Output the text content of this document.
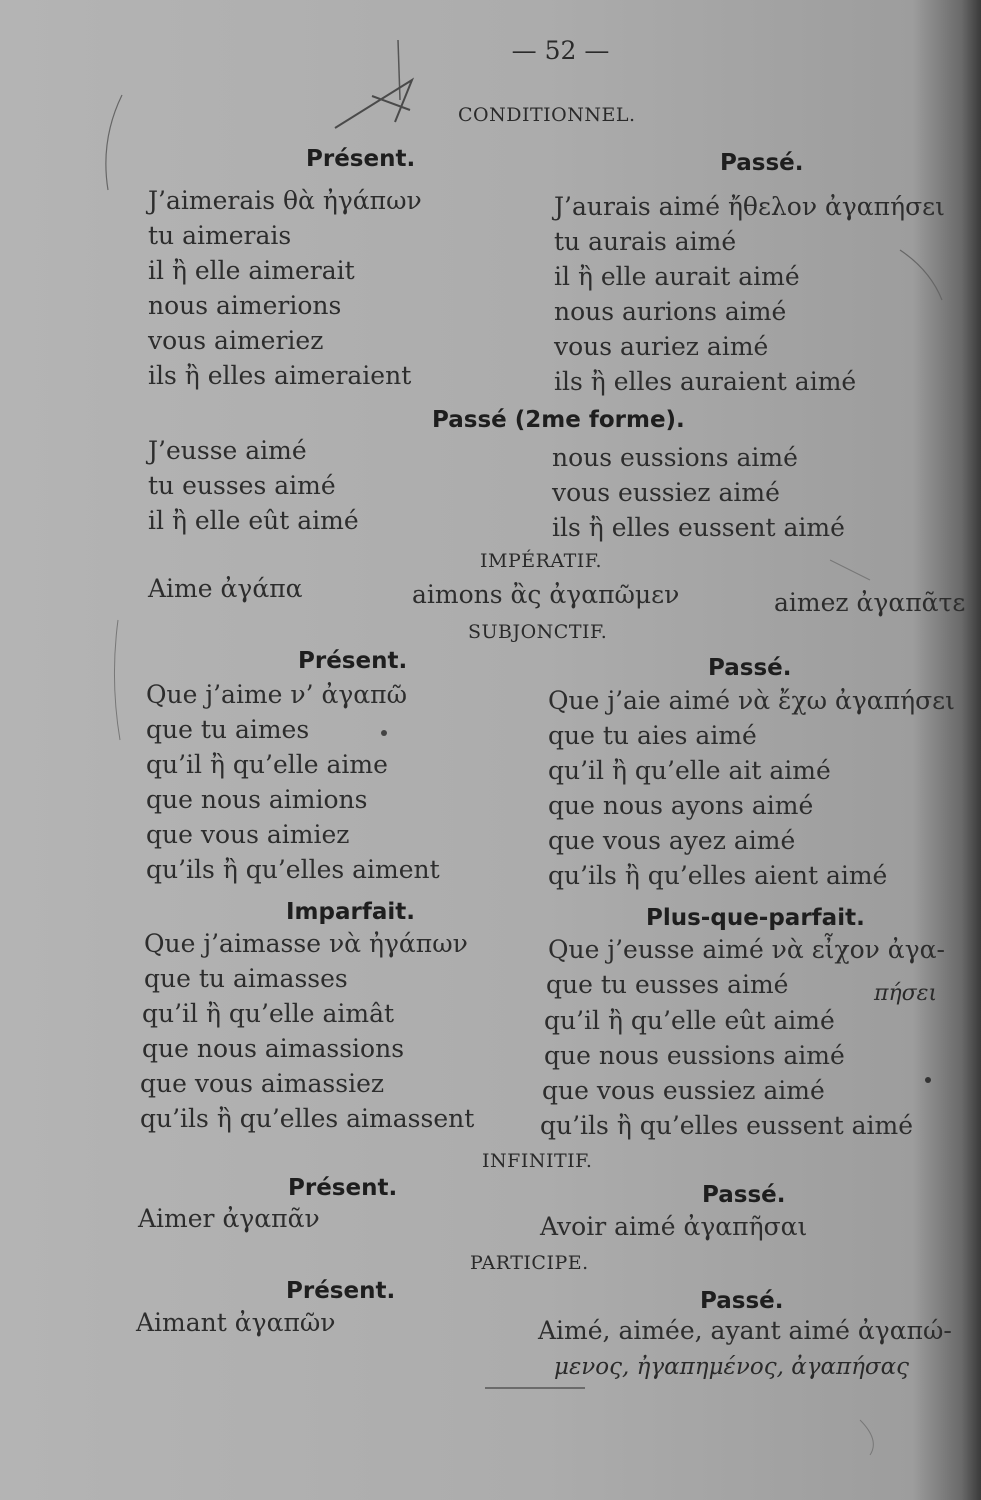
— 52 —
CONDITIONNEL.
Présent.	Passé.
J’aimerais θὰ ἠγάπων
tu aimerais
il ἢ elle aimerait
nous aimerions
vous aimeriez
ils ἢ elles aimeraient
J’aurais aimé ἤθελον ἀγαπήσει
tu aurais aimé
il ἢ elle aurait aimé
nous aurions aimé
vous auriez aimé
ils ἢ elles auraient aimé
Passé (2me forme).
J’eusse aimé
tu eusses aimé
il ἢ elle eût aimé
nous eussions aimé
vous eussiez aimé
ils ἢ elles eussent aimé
IMPÉRATIF.
Aime ἀγάπα	aimons ἂς ἀγαπῶμεν	aimez ἀγαπᾶτε
SUBJONCTIF.
Présent.	Passé.
Que j’aime ν’ ἀγαπῶ
que tu aimes
qu’il ἢ qu’elle aime
que nous aimions
que vous aimiez
qu’ils ἢ qu’elles aiment
Que j’aie aimé νὰ ἔχω ἀγαπήσει
que tu aies aimé
qu’il ἢ qu’elle ait aimé
que nous ayons aimé
que vous ayez aimé
qu’ils ἢ qu’elles aient aimé
Imparfait.	Plus-que-parfait.
Que j’aimasse νὰ ἠγάπων
que tu aimasses
qu’il ἢ qu’elle aimât
que nous aimassions
que vous aimassiez
qu’ils ἢ qu’elles aimassent
Que j’eusse aimé νὰ εἶχον ἀγα-
que tu eusses aimé	πήσει
qu’il ἢ qu’elle eût aimé
que nous eussions aimé
que vous eussiez aimé
qu’ils ἢ qu’elles eussent aimé
INFINITIF.
Présent.	Passé.
Aimer ἀγαπᾶν	Avoir aimé ἀγαπῆσαι
PARTICIPE.
Présent.	Passé.
Aimant ἀγαπῶν	Aimé, aimée, ayant aimé ἀγαπώ-
μενος, ἠγαπημένος, ἀγαπήσας
